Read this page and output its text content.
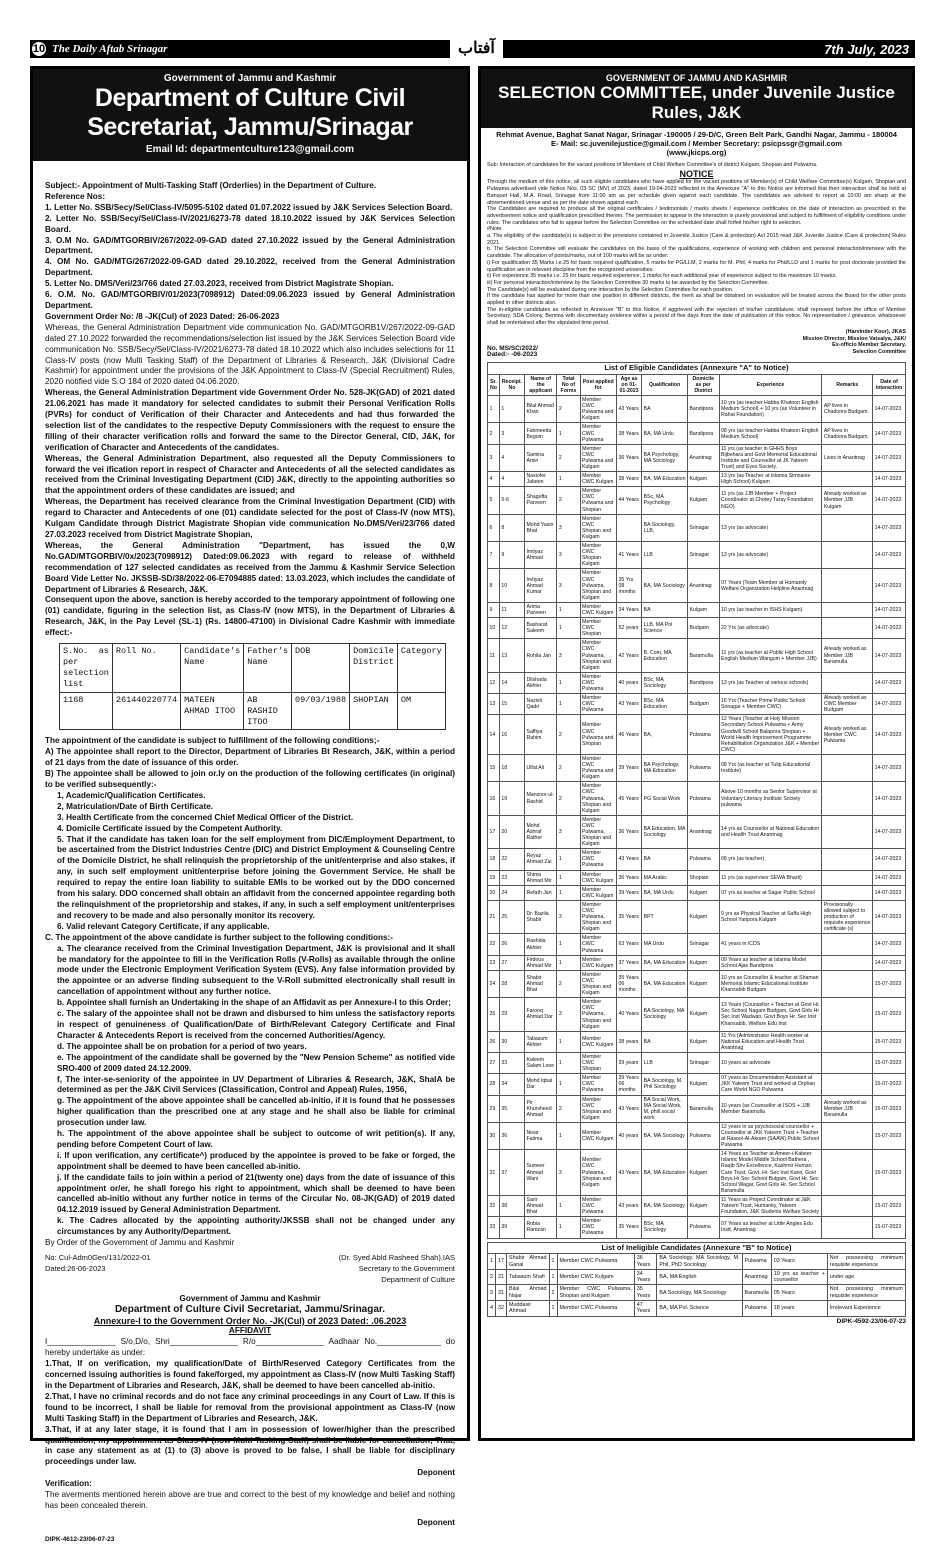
10 The Daily Aftab Srinagar	آفتاب	7th July, 2023
Government of Jammu and Kashmir
Department of Culture Civil Secretariat, Jammu/Srinagar
Email Id: departmentculture123@gmail.com

Subject:- Appointment of Multi-Tasking Staff (Orderlies) in the Department of Culture.

Reference Nos:

1. Letter No. SSB/Secy/Sel/Class-IV/5095-5102 dated 01.07.2022 issued by J&K Services Selection Board.

2. Letter No. SSB/Secy/Sel/Class-IV/2021/6273-78 dated 18.10.2022 issued by J&K Services Selection Board.

3. O.M No. GAD/MTGORBIV/267/2022-09-GAD dated 27.10.2022 issued by the General Administration Department.

4. OM No. GAD/MTG/267/2022-09-GAD dated 29.10.2022, received from the General Administration Department.

5. Letter No. DMS/Veri/23/766 dated 27.03.2023, received from District Magistrate Shopian.

6. O.M. No. GAD/MTGORBIV/01/2023(7098912) Dated:09.06.2023 issued by General Administration Department.

Government Order No: /8 -JK(Cul) of 2023 Dated: 26-06-2023

Whereas, the General Administration Department vide communication No. GAD/MTGORB1V/267/2022-09-GAD dated 27.10.2022 forwarded the recommendations/selection list issued by the J&K Services Selection Board vide communication No. SSB/Secy/Sel/Class-IV/2021/6273-78 dated 18.10.2022 which also includes selections for 11 Class-IV posts (now Multi Tasking Staff) of the Department of Libraries & Research, J&K (Divisional Cadre Kashmir) for appointment under the provisions of the J&K Appointment to Class-IV (Special Recruitment) Rules, 2020 notified vide S.O 184 of 2020 dated 04.06.2020.

Whereas, the General Administration Department vide Government Order No. 528-JK(GAD) of 2021 dated 21.06.2021 has made it mandatory for selected candidates to submit their Personal Verification Rolls (PVRs) for conduct of Verification of their Character and Antecedents and had thus forwarded the selection list of the candidates to the respective Deputy Commissioners with the request to ensure the filling of their character verification rolls and forward the same to the Director General, CID, J&K, for verification of Character and Antecedents of the candidates.

Whereas, the General Administration Department, also requested all the Deputy Commissioners to forward the vei ification report in respect of Character and Antecedents of all the selected candidates as received from the Criminal Investigating Department (CID) J&K, directly to the appointing authorities so that the appointment orders of these candidates are issued; and

Whereas, the Department has received clearance from the Criminal Investigation Department (CID) with regard to Character and Antecedents of one (01) candidate selected for the post of Class-IV (now MTS), Kulgam Candidate through District Magistrate Shopian vide communication No.DMS/Veri/23/766 dated 27.03.2023 received from District Magistrate Shopian,

Whereas, the General Administration "Department, has issued the 0,W No.GAD/MTGORBIV/0x/2023(7098912) Dated:09.06.2023 with regard to release of withheld recommendation of 127 selected candidates as received from the Jammu & Kashmir Service Selection Board Vide Letter No. JKSSB-SD/38/2022-06-E7094885 dated: 13.03.2023, which includes the candidate of Department of Libraries & Research, J&K.

Consequent upon the above, sanction is hereby accorded to the temporary appointment of following one (01) candidate, figuring in the selection list, as Class-IV (now MTS), in the Department of Libraries & Research, J&K, in the Pay Level (SL-1) (Rs. 14800-47100) in Divisional Cadre Kashmir with immediate effect:-

S.No. as per selection list	Roll No.	Candidate's Name	Father's Name	DOB	Domicile District	Category
1168	261440220774	MATEEN AHMAD ITOO	AB RASHID ITOO	09/03/1988	SHOPIAN	OM

The appointment of the candidate is subject to fulfillment of the following conditions;-

A) The appointee shall report to the Director, Department of Libraries Bt Research, J&K, within a period of 21 days from the date of issuance of this order.

B) The appointee shall be allowed to join or.ly on the production of the following certificates (in original) to be verified subsequently:-

1, Academic/Qualification Certificates.

2, Matriculation/Date of Birth Certificate.

3. Health Certificate from the concerned Chief Medical Officer of the District.

4. Domicile Certificate issued by the Competent Authority.

5. That if the candidate has taken loan for the self employment from DIC/Employment Department, to be ascertained from the District Industries Centre (DIC) and District Employment & Counseling Centre of the Domicile District, he shall relinquish the proprietorship of the unit/enterprise and also stakes, if any, in such self employment unit/enterprise before joining the Government Service. He shall be required to repay the entire loan liability to suitable EMIs to be worked out by the DDO concerned from his salary. DDO concerned shall obtain an affidavit from the concerned appointee regarding both the relinquishment of the proprietorship and stakes, if any, in such a self employment unit/enterprises and recovery to be made and also personally monitor its recovery.

6. Valid relevant Category Certificate, if any applicable.

C. The appointment of the above candidate is further subject to the following conditions:-

a. The clearance received from the Criminal Investigation Department, J&K is provisional and it shall be mandatory for the appointee to fill in the Verification Rolls (V-Rolls) as available through the online mode under the Electronic Employment Verification System (EVS). Any false information provided by the appointee or an adverse finding subsequent to the V-Roll submitted electronically shall result in cancellation of appointment without any further notice.

b. Appointee shall furnish an Undertaking in the shape of an Affidavit as per Annexure-I to this Order;

c. The salary of the appointee shall not be drawn and disbursed to him unless the satisfactory reports in respect of genuineness of Qualification/Date of Birth/Relevant Category Certificate and Final Character & Antecedents Report is received from the concerned Authorities/Agency.

d. The appointee shall be on probation for a period of two years.

e. The appointment of the candidate shall be governed by the "New Pension Scheme" as notified vide SRO-400 of 2009 dated 24.12.2009.

f, The inter-se-seniority of the appointee in UV Department of Libraries & Research, J&K, ShalA be determined as per the J&K Civil Services (Classification, Control and Appeal) Rules, 1956,

g. The appointment of the above appointee shall be cancelled ab-initio, if it is found that he possesses higher qualification than the prescribed one at any stage and he shall also be liable for criminal prosecution under law.

h. The appointment of the above appointee shall be subject to outcome of writ petition(s). If any, pending before Competent Court of law.

i. If upon verification, any certificate^) produced by the appointee is proved to be fake or forged, the appointment shall be deemed to have been cancelled ab-initio.

j. If the candidate fails to join within a period of 21(twenty one) days from the date of issuance of this appointment or/er, he shall forego his right to appointment, which shall be deemed to have been cancelled ab-initio without any further notice in terms of the Circular No. 08-JK(GAD) of 2019 dated 04.12.2019 issued by General Administration Department.

k. The Cadres allocated by the appointing authority/JKSSB shall not be changed under any circumstances by any Authority/Department.

By Order of the Government of Jammu and Kashmir

No: Cul-Adm0Gen/131/2022-01
Dated:26-06-2023
(Dr. Syed Abld Rasheed Shah),IAS
Secretary to the Government
Department of Culture
Government of Jammu and Kashmir
Department of Culture Civil Secretariat, Jammu/Srinagar.
Annexure-I to the Government Order No. -JK(Cul) of 2023 Dated: .06.2023
AFFIDAVIT

I_______________ S/o,D/o, Shri_______________ R/o_______________ Aadhaar No.______________ do hereby undertake as under:

1.That, If on verification, my qualification/Date of Birth/Reserved Category Certificates from the concerned issuing authorities is found fake/forged, my appointment as Class-IV (now Multi Tasking Staff) in the Department of Libraries and Research, J&K, shall be deemed to have been cancelled ab-initio.

2.That, I have no criminal records and do not face any criminal proceedings in any Court of Law. If this is found to be incorrect, I shall be liable for removal from the provisional appointment as Class-IV (now Multi Tasking Staff) in the Department of Libraries and Research, J&K.

3.That, if at any later stage, it is found that I am in possession of lower/higher than the prescribed qualification, my appointment as Class-IV (now Multi Tasking Staff) shall be liable for cancellation; That, in case any statement as at (1) to (3) above is proved to be false, I shall be liable for disciplinary proceedings under law.

Deponent

Verification:

The averments mentioned herein above are true and correct to the best of my knowledge and belief and nothing has been concealed therein.

Deponent

DIPK-4612-23/06-07-23

GOVERNMENT OF JAMMU AND KASHMIR
SELECTION COMMITTEE, under Juvenile Justice Rules, J&K
Rehmat Avenue, Baghat Sanat Nagar, Srinagar -190005 / 29-D/C, Green Belt Park, Gandhi Nagar, Jammu - 180004
E- Mail: sc.juvenilejustice@gmail.com / Member Secretary: psicpssgr@gmail.com
(www.jkicps.org)

Sub: Interaction of candidates for the vacant positions of Members of Child Welfare Committee's of district Kulgam, Shopian and Pulwama.

NOTICE

Through the medium of this notice, all such eligible candidates who have applied for the vacant positions of Member(s) of Child Welfare Committee(s) Kulgam, Shopian and Pulwama advertised vide Notice Nos. 03 SC (MV) of 2023, dated 19-04-2023 reflected in the Annexure "A" to this Notice are informed that their interaction shall be held at Banquet Hall, M.A. Road, Srinagar from 11:00 am as per schedule given against each candidate. The candidates are advised to report at 10:00 am sharp at the aforementioned venue and as per the date shown against each.

The Candidates are required to produce all the original certificates / testimonials / marks sheets / experience certificates on the date of interaction as prescribed in the advertisement notice and qualification prescribed therein. The permission to appear in the interaction is purely provisional and subject to fulfillment of eligibility conditions under rules. The candidates who fail to appear before the Selection Committee on the scheduled date shall forfeit his/her right to selection.

#Note

a. The eligibility of the candidate(s) is subject to the provisions contained in Juvenile Justice (Care & protection) Act 2015 read J&K Juvenile Justice (Care & protection) Rules 2021.

b. The Selection Committee will evaluate the candidates on the basis of the qualifications, experience of working with children and personal interaction/interview with the candidate. The allocation of points/marks, out of 100 marks will be as under:

i) For qualification 35 Marks i.e.25 for basic required qualification, 5 marks for PG/LLM, 2 marks for M. Phil, 4 marks for Phd/LLD and 1 marks for post doctorate provided the qualification are in relevant discipline from the recognized universities.

ii) For experience 35 marks i.e. 25 for basic required experience, 1 marks for each additional year of experience subject to the maximum 10 marks.

iii) For personal interaction/interview by the Selection Committee 30 marks to be awarded by the Selection Committee.

The Candidate(s) will be evaluated during one interaction by the Selection Committee for each position.

If the candidate has applied for more than one position in different districts, the merit as shall be obtained on evaluation will be treated across the Board for the other posts applied in other districts also.

The in-eligible candidates as reflected in Annexure "B" to this Notice, if aggrieved with the rejection of his/her candidature, shall represent before the office of Member Secretary, SDA Colony, Bemina with documentary evidence within a period of five days from the date of publication of this notice. No representation / grievance, whatsoever shall be entertained after the stipulated time period.

(Harvinder Kour), JKAS
Mission Director, Mission Vatsalya, J&K/
Ex-officio Member Secretary,
Selection Committee
No. MS/SC/2022/
Dated:- -06-2023
List of Eligible Candidates (Annexure "A" to Notice)
Sr. No	Receipt. No	Name of the applicant	Total No of Forms	Post applied for	Age as on 01-01-2023	Qualification	Domicile as per District	Experience	Remarks	Date of interaction
1	1	Bilal Ahmad Khan	2	Member CWC Pulwama and Kulgam	43 Years	BA	Bandipora	10 yrs (as teacher Habba Khatoon English Medium School) + 10 yrs (as Volunteer in Rahat Foundation)	AP lives in Chadoora Budgam.	14-07-2023
2	3	Fahmeeda Begum	1	Member CWC Pulwama	38 Years	BA, MA Urdu	Bandipora	08 yrs (as teacher Habba Khatoon English Medium School)	AP lives in Chadoora Budgam.	14-07-2023
3	4	Samina Amin	2	Member CWC Pulwama and Kulgam	36 Years	BA Psychology, MA Sociology	Anantnag	11 yrs (as teacher in GHHS Boys Bijbehara and Govt Memorial Educational Institute and Counsellor at JK Yateem Trust) and Eyes Society.	Lives in Anantnag	14-07-2023
4	4	Nasiofer Jabeen	1	Member CWC Kulgam	38 Years	BA, MA Education	Kulgam	13 yrs (as Teacher at Islamia Simnanie High School) Kulgam		14-07-2023
5	5-6	Shagufta Parveen	2	Member CWC Pulwama and Shopian	44 Years	BSc, MA Psychology	Kulgam	11 yrs (as JJB Member + Project Coordinator at Chotey Taray Foundation NGO)	Already worked as Member JJB Kulgam	14-07-2023
6	8	Mohd Yasin Bhat	3	Member CWC Shopian and Kulgam		BA Sociology, LLB,	Srinagar	13 yrs (as advocate)		14-07-2023
7	9	Imtiyaz Ahmad	3	Member CWC Shopian Kulgam	41 Years	LLB	Srinagar	13 yrs (as advocate)		14-07-2023
8	10	Imtiyaz Ahmad Kumar	3	Member CWC Pulwama, Shopian and Kulgam	35 Yrs 08 months	BA, MA Sociology	Anantnag	07 Years (Team Member at Humanity Welfare Organization Helpline Anantnag		14-07-2023
9	11	Arima Parveen	1	Member CWC Kulgam	34 Years	BA	Kulgam	10 yrs (as teacher in ISHS Kulgam)		14-07-2023
10	12	Basharat Saleem	1	Member CWC Shopian	52 years	LLB, MA Pol Science	Budgam	22 Yrs (as advocate)		14-07-2023
11	13	Rohila Jan	3	Member CWC Pulwama, Shopian and Kulgam	42 Years	B. Com, MA Education	Baramulla	11 yrs (as teacher at Public High School English Medium Wangum + Member JJB)	Already worked as Member JJB Baramulla	14-07-2023
12	14	Dilshada Akhter	1	Member CWC Pulwama	40 years	BSc, MA Sociology	Bandipora	13 yrs (as Teacher at various schools)		14-07-2023
13	15	Nazish Qadri	1	Member CWC Pulwama	43 Years	BSc, MA Education	Budgam	16 Yrs (Teacher Prime Public School Srinagar + Member CWC)	Already worked as CWC Member Budgam	14-07-2023
14	16	Saffiya Rahim	2	Member CWC Pulwama and Shopian	46 Years	BA,	Pulwama	12 Years (Teacher at Holy Mission Secondary School Pulwama + Army Goodwill School Balapora Shopian + World Health Improvement Programme Rehabilitation Organization J&K + Member CWC)	Already worked as Member CWC Pulwama	14-07-2023
15	18	Ulfat Ali	2	Member CWC Pulwama and Kulgam	39 Years	BA Psychology, MA Education	Pulwama	08 Yrs (as teacher at Tulip Educational Institute)		14-07-2023
16	19	Manzoor-ul-Rashid	2	Member CWC Pulwama, Shopian and Kulgam	45 Years	PG Social Work	Pulwama	Above 10 months as Senior Supervisor at Voluntary Literacy Institute Society pulwama		14-07-2023
17	20	Mohd Ashraf Rather	3	Member CWC Pulwama, Shopian and Kulgam	36 Years	BA Education, MA Sociology	Anantnag	14 yrs as Counsellor at National Education and Health Trust Anantnag		14-07-2023
18	22	Reyaz Ahmad Zai	1	Member CWC Pulwama	43 Years	BA	Pulwama	08 yrs (as teacher)		14-07-2023
19	23	Shima Ahmad Mir	1	Member CWC Kulgam	36 Years	MA Arabic	Shopian	11 yrs (as supervisor SEWA Bharti)		14-07-2023
20	24	Refath Jan	1	Member CWC Kulgam	39 Years	BA, MA Urdu	Kulgam	07 yrs as teacher at Sagar Public School		14-07-2023
21	25	Dr. Bazila Shabir	3	Member CWC Pulwama, Shopian and Kulgam	35 Years	BPT	Kulgam	9 yrs as Physical Teacher at Saffa High School Yaripora Kulgam	Provisionally allowed subject to production of requisite experience certificate (s)	14-07-2023
22	26	Rashida Akhter	1	Member CWC Pulwama	63 Years	MA Urdu	Srinagar	41 years in ICDS		14-07-2023
23	27	Firdous Ahmad Mir	1	Member CWC Kulgam	37 Years	BA, MA Education	Kulgam	09 Years as teacher at Islamia Model School Ajas Bandipora		14-07-2023
24	28	Shabir Ahmad Bhat	2	Member CWC Shopian and Kulgam	35 Years 06 months	BA, MA Education	Kulgam	10 yrs as Counsellor & teacher at Shaman Memorial Islamic Educational Institute Khansabib Budgam		15-07-2023
25	29	Farooq Ahmad Dar	3	Member CWC Pulwama, Shopian and Kulgam	40 Years	BA Sociology, MA Sociology	Kulgam	13 Years (Counsellor + Teacher at Govt Hr. Sec School Nagam Budgam, Govt Girls Hr Sec Inst Wadwan, Govt Boys Hr. Sec Inst Khansabib, Welfare Edu Inst		15-07-2023
26	30	Tabasum Akhter	1	Member CWC Kulgam	38 years	BA	Kulgam	11 Yrs (Administrator Health worker at National Education and Health Trust Anantnag		15-07-2023
27	33	Kaleem Salam Lone	1	Member CWC Shopian	39 years	LLB	Srinagar	10 years as advocate		15-07-2023
28	34	Mohd Iqbal Dar	1	Member CWC Pulwama	39 Years 06 months	BA Sociology, M. Phil Sociology	Kulgam	07 years as Documentation Assistant at JKK Yateem Trust and worked at Orphan Care World NGO Pulwama		15-07-2023
29	35	Pir Khursheed Ahmad	2	Member CWC Shopian and Kulgam	43 Years	BA Social Work, MA Social Work, M. phill social work	Baramulla	10 years (as Counsellor at ISOS + JJB Member Baramulla	Already worked as Member JJB Baramulla	15-07-2023
30	36	Nisar Fatima	1	Member CWC Kulgam	40 years	BA, MA Sociology	Pulwama	12 years in as psychosocial counsellor + Counsellor at JKK Yateem Trust + Teacher at Rasool-Al-Akram (SAAW) Public School Pulwama		15-07-2023
31	37	Sumeer Ahmad Wani	3	Member CWC Pulwama, Shopian and Kulgam	43 Years	BA, MA Education	Kulgam	14 Years as Teacher at Ameer-i-Kabeer Islamic Model Middle School Bathera , Raqib Shv Excellence, Kashmir Human Care Trust, Govt. Hr. Sec Inst Kanir, Govt Boys Hr Sec School Bulgam, Govt Hr. Sec School Wagar, Govt Girls Hr. Sec School Baramulla		15-07-2023
32	38	Sarir Ahmad Bhat	1	Member CWC Pulwama	43 years	BA, MA Sociology	Kulgam	11 Years as Project Coordinator at J&K Yateem Trust, Humanity, Yateem Foundation, J&K Students Welfare Society		15-07-2023
33	39	Robia Ramzan	1	Member CWC Pulwama	35 Years	BSc, MA Sociology	Pulwama	07 Years as teacher at Little Angles Edu Instt. Anantnag		15-07-2023
List of Ineligible Candidates (Annexure "B" to Notice)
1	17	Shabir Ahmad Ganai	1	Member CWC Pulwama	36 Years	BA Sociology, MA Sociology, M. Phil, PhD Sociology	Pulwama	03 Years	Not possessing minimum requisite experience
2	21	Tabasum Shafi	1	Member CWC Kulgam	34 Years	BA, MA English	Anantnag	10 yrs as teacher + counsellor	under age
3	31	Bilal Ahmad Najar	2	Member CWC Pulwama, Shopian and Kulgam	35 Years	BA Sociology, MA Sociology	Baramulla	05 Years	Not possessing minimum requisite experience
4	32	Muddasir Ahmad	1	Member CWC Pulwama	47 Years	BA, MA Pol. Science	Pulwama	18 years	Irrelevant Experience

DIPK-4592-23/06-07-23
